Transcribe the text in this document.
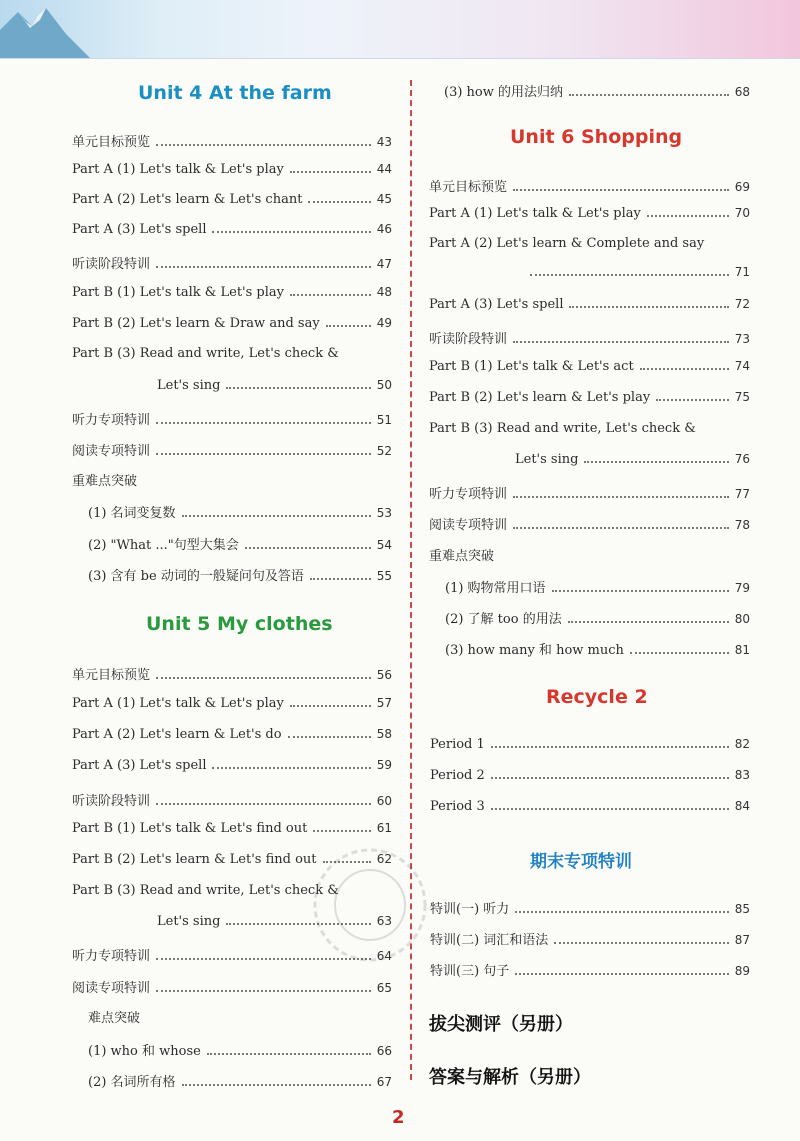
Unit 4 At the farm
单元目标预览	43
Part A (1) Let's talk & Let's play	44
Part A (2) Let's learn & Let's chant	45
Part A (3) Let's spell	46
听读阶段特训	47
Part B (1) Let's talk & Let's play	48
Part B (2) Let's learn & Draw and say	49
Part B (3) Read and write, Let's check &
Let's sing	50
听力专项特训	51
阅读专项特训	52
重难点突破
(1) 名词变复数	53
(2) "What ..."句型大集会	54
(3) 含有 be 动词的一般疑问句及答语	55
Unit 5 My clothes
单元目标预览	56
Part A (1) Let's talk & Let's play	57
Part A (2) Let's learn & Let's do	58
Part A (3) Let's spell	59
听读阶段特训	60
Part B (1) Let's talk & Let's find out	61
Part B (2) Let's learn & Let's find out	62
Part B (3) Read and write, Let's check &
Let's sing	63
听力专项特训	64
阅读专项特训	65
难点突破
(1) who 和 whose	66
(2) 名词所有格	67
(3) how 的用法归纳	68
Unit 6 Shopping
单元目标预览	69
Part A (1) Let's talk & Let's play	70
Part A (2) Let's learn & Complete and say
71
Part A (3) Let's spell	72
听读阶段特训	73
Part B (1) Let's talk & Let's act	74
Part B (2) Let's learn & Let's play	75
Part B (3) Read and write, Let's check &
Let's sing	76
听力专项特训	77
阅读专项特训	78
重难点突破
(1) 购物常用口语	79
(2) 了解 too 的用法	80
(3) how many 和 how much	81
Recycle 2
Period 1	82
Period 2	83
Period 3	84
期末专项特训
特训(一) 听力	85
特训(二) 词汇和语法	87
特训(三) 句子	89
拔尖测评（另册）
答案与解析（另册）
2
